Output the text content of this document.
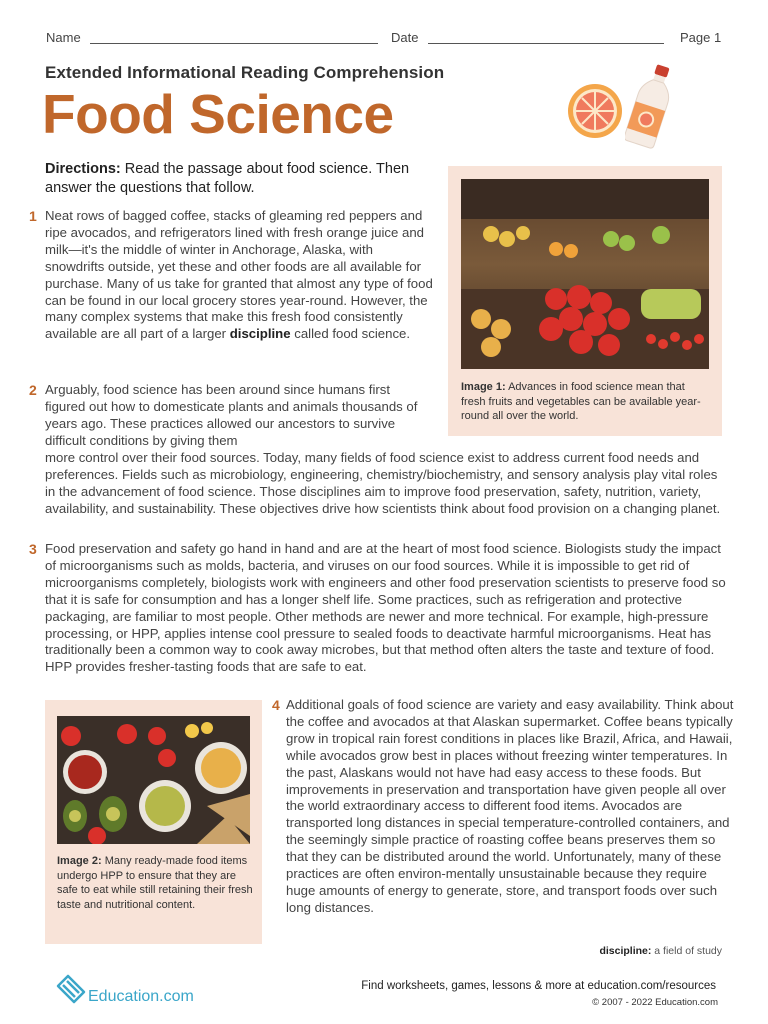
Name	Date	Page 1
Extended Informational Reading Comprehension
Food Science
Directions: Read the passage about food science. Then answer the questions that follow.
Image 1: Advances in food science mean that fresh fruits and vegetables can be available year-round all over the world.
1 Neat rows of bagged coffee, stacks of gleaming red peppers and ripe avocados, and refrigerators lined with fresh orange juice and milk—it's the middle of winter in Anchorage, Alaska, with snowdrifts outside, yet these and other foods are all available for purchase. Many of us take for granted that almost any type of food can be found in our local grocery stores year-round. However, the many complex systems that make this fresh food consistently available are all part of a larger discipline called food science.
2 Arguably, food science has been around since humans first figured out how to domesticate plants and animals thousands of years ago. These practices allowed our ancestors to survive difficult conditions by giving them
more control over their food sources. Today, many fields of food science exist to address current food needs and preferences. Fields such as microbiology, engineering, chemistry/biochemistry, and sensory analysis play vital roles in the advancement of food science. Those disciplines aim to improve food preservation, safety, nutrition, variety, availability, and sustainability. These objectives drive how scientists think about food provision on a changing planet.
3 Food preservation and safety go hand in hand and are at the heart of most food science. Biologists study the impact of microorganisms such as molds, bacteria, and viruses on our food sources. While it is impossible to get rid of microorganisms completely, biologists work with engineers and other food preservation scientists to preserve food so that it is safe for consumption and has a longer shelf life. Some practices, such as refrigeration and protective packaging, are familiar to most people. Other methods are newer and more technical. For example, high-pressure processing, or HPP, applies intense cool pressure to sealed foods to deactivate harmful microorganisms. Heat has traditionally been a common way to cook away microbes, but that method often alters the taste and texture of food. HPP provides fresher-tasting foods that are safe to eat.
Image 2: Many ready-made food items undergo HPP to ensure that they are safe to eat while still retaining their fresh taste and nutritional content.
4 Additional goals of food science are variety and easy availability. Think about the coffee and avocados at that Alaskan supermarket. Coffee beans typically grow in tropical rain forest conditions in places like Brazil, Africa, and Hawaii, while avocados grow best in places without freezing winter temperatures. In the past, Alaskans would not have had easy access to these foods. But improvements in preservation and transportation have given people all over the world extraordinary access to different food items. Avocados are transported long distances in special temperature-controlled containers, and the seemingly simple practice of roasting coffee beans preserves them so that they can be distributed around the world. Unfortunately, many of these practices are often environ-mentally unsustainable because they require huge amounts of energy to generate, store, and transport foods over such long distances.
discipline: a field of study
Education.com
Find worksheets, games, lessons & more at education.com/resources
© 2007 - 2022 Education.com
